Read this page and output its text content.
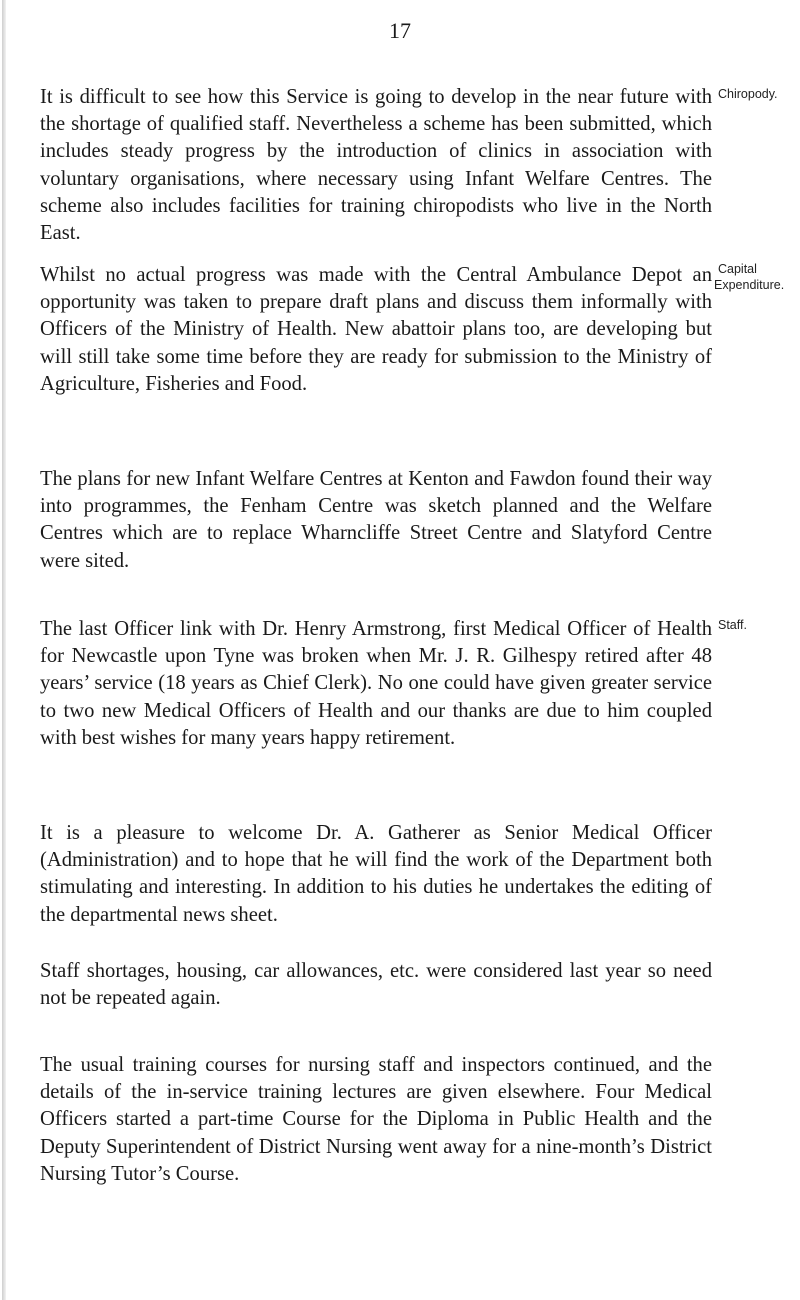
17

It is difficult to see how this Service is going to develop in the near future with the shortage of qualified staff. Nevertheless a scheme has been submitted, which includes steady progress by the introduction of clinics in association with voluntary organisations, where necessary using Infant Welfare Centres. The scheme also includes facilities for training chiropodists who live in the North East.

Whilst no actual progress was made with the Central Ambulance Depot an opportunity was taken to prepare draft plans and discuss them informally with Officers of the Ministry of Health. New abattoir plans too, are developing but will still take some time before they are ready for submission to the Ministry of Agriculture, Fisheries and Food.

The plans for new Infant Welfare Centres at Kenton and Fawdon found their way into programmes, the Fenham Centre was sketch planned and the Welfare Centres which are to replace Wharncliffe Street Centre and Slatyford Centre were sited.

The last Officer link with Dr. Henry Armstrong, first Medical Officer of Health for Newcastle upon Tyne was broken when Mr. J. R. Gilhespy retired after 48 years’ service (18 years as Chief Clerk). No one could have given greater service to two new Medical Officers of Health and our thanks are due to him coupled with best wishes for many years happy retirement.

It is a pleasure to welcome Dr. A. Gatherer as Senior Medical Officer (Administration) and to hope that he will find the work of the Department both stimulating and interesting. In addition to his duties he undertakes the editing of the departmental news sheet.

Staff shortages, housing, car allowances, etc. were considered last year so need not be repeated again.

The usual training courses for nursing staff and inspectors continued, and the details of the in-service training lectures are given elsewhere. Four Medical Officers started a part-time Course for the Diploma in Public Health and the Deputy Superintendent of District Nursing went away for a nine-month’s District Nursing Tutor’s Course.

Chiropody.
Capital
Expenditure.
Staff.
